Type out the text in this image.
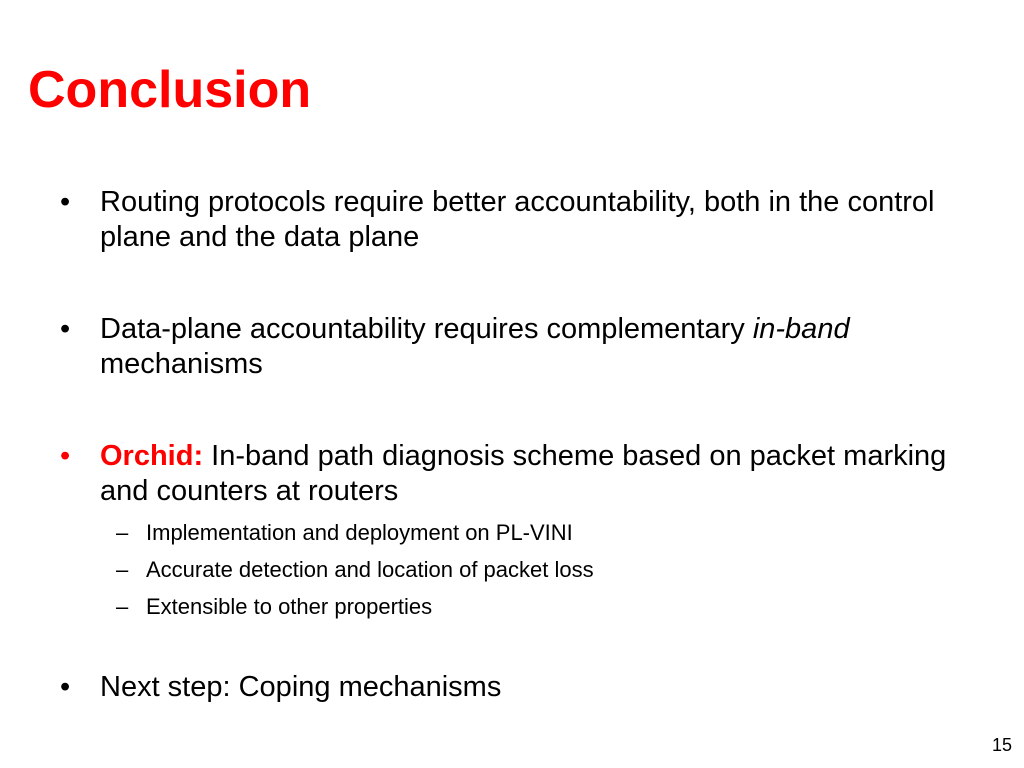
Conclusion
•	Routing protocols require better accountability, both in the control plane and the data plane
•	Data-plane accountability requires complementary in-band mechanisms
•	Orchid: In-band path diagnosis scheme based on packet marking and counters at routers
– Implementation and deployment on PL-VINI
– Accurate detection and location of packet loss
– Extensible to other properties
•	Next step: Coping mechanisms
15
